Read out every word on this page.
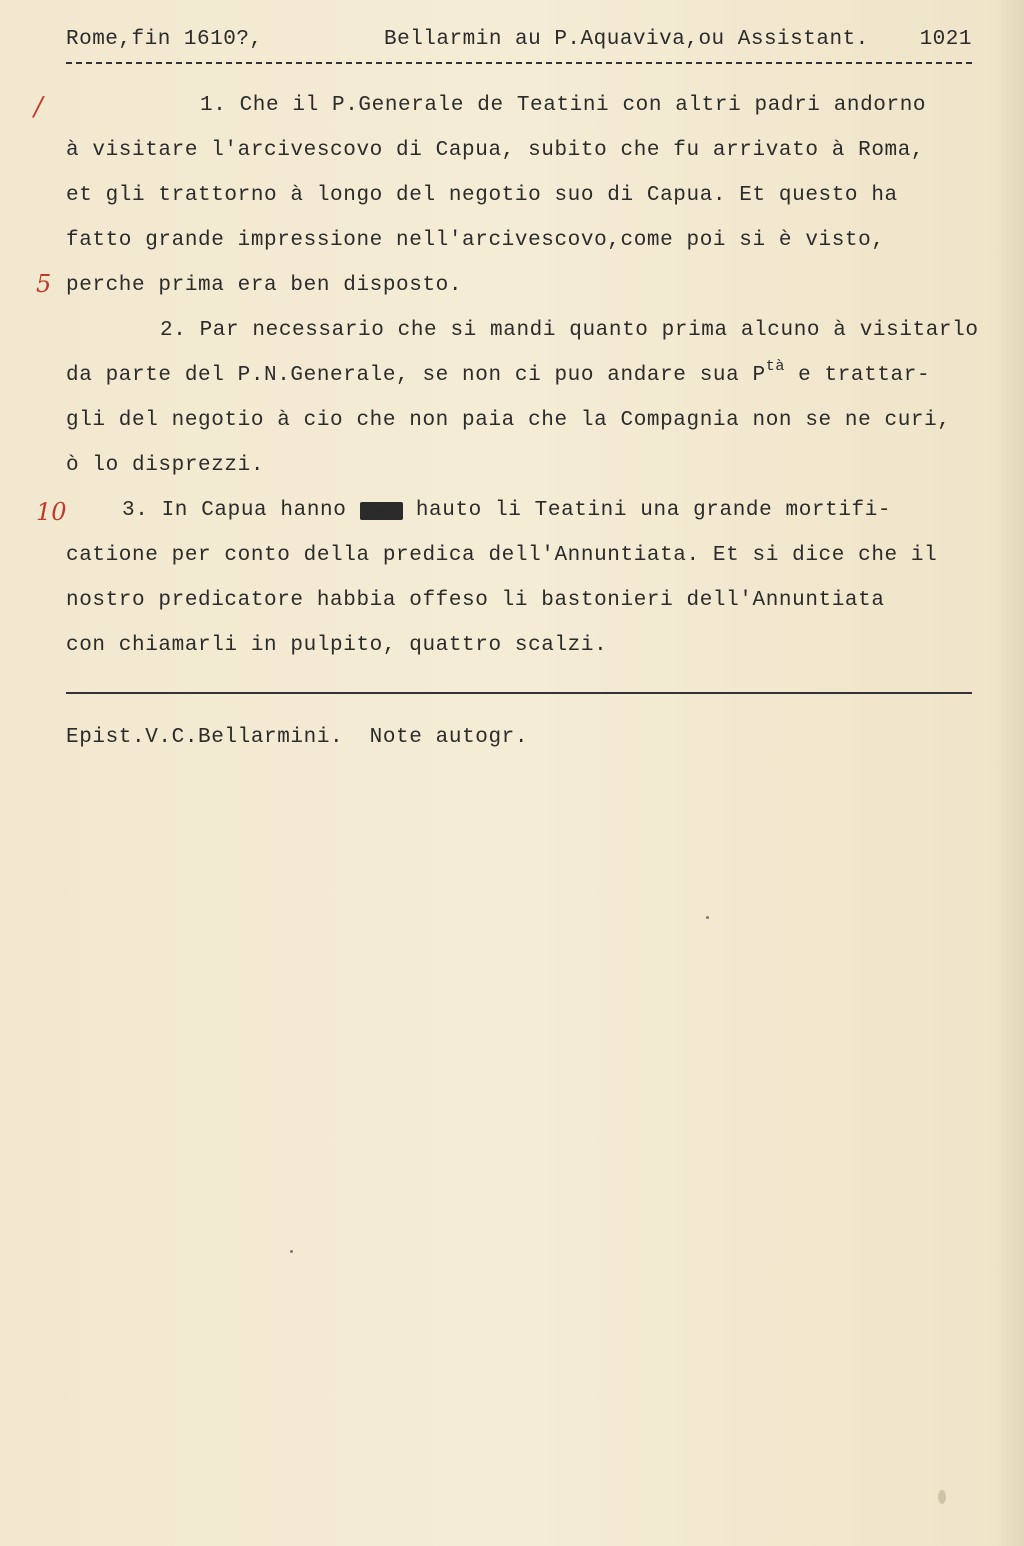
Rome,fin 1610?,

	Bellarmin au P.Aquaviva,ou Assistant.

1021

/
5
10
1. Che il P.Generale de Teatini con altri padri andorno
à visitare l'arcivescovo di Capua, subito che fu arrivato à Roma,
et gli trattorno à longo del negotio suo di Capua. Et questo ha
fatto grande impressione nell'arcivescovo,come poi si è visto,
perche prima era ben disposto.
2. Par necessario che si mandi quanto prima alcuno à visitarlo
da parte del P.N.Generale, se non ci puo andare sua $P^{tà}$ e trattar-
gli del negotio à cio che non paia che la Compagnia non se ne curi,
ò lo disprezzi.
3. In Capua hanno tanto hauto li Teatini una grande mortifi-
catione per conto della predica dell'Annuntiata. Et si dice che il
nostro predicatore habbia offeso li bastonieri dell'Annuntiata
con chiamarli in pulpito, quattro scalzi.
Epist.V.C.Bellarmini. Note autogr.
